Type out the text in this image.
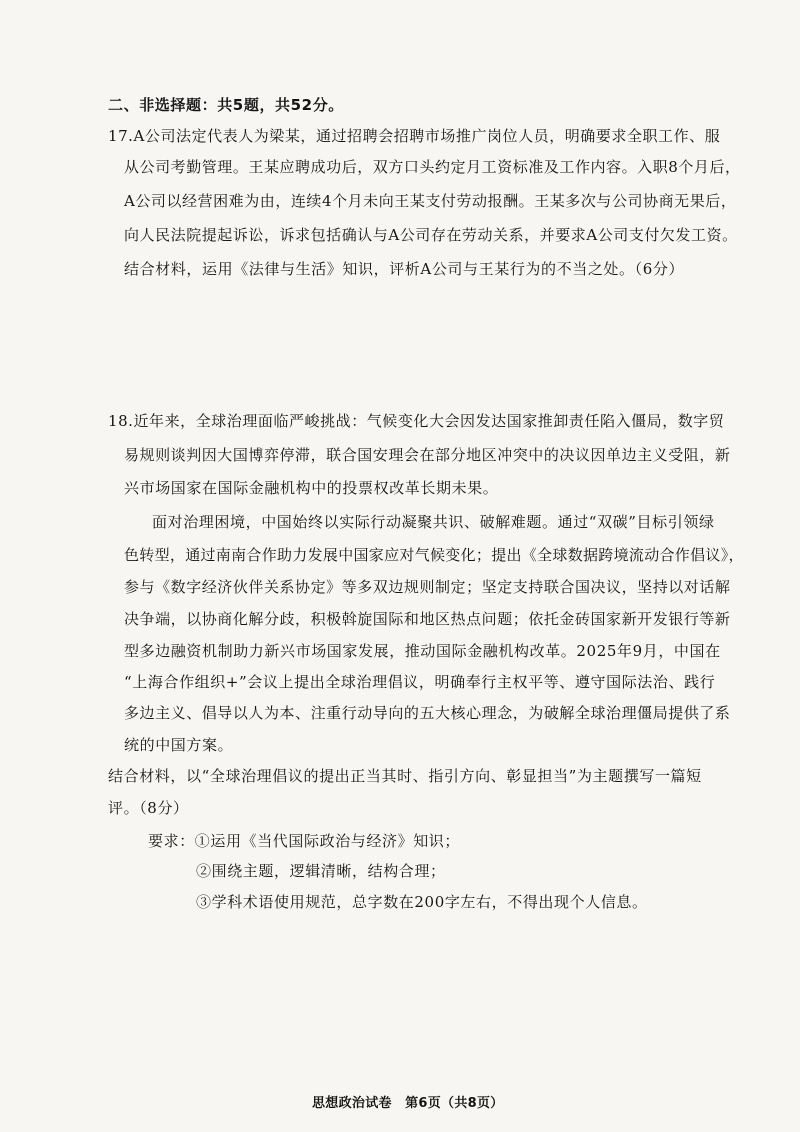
二、非选择题：共5题，共52分。

17.A公司法定代表人为梁某，通过招聘会招聘市场推广岗位人员，明确要求全职工作、服

从公司考勤管理。王某应聘成功后，双方口头约定月工资标准及工作内容。入职8个月后，

A公司以经营困难为由，连续4个月未向王某支付劳动报酬。王某多次与公司协商无果后，

向人民法院提起诉讼，诉求包括确认与A公司存在劳动关系，并要求A公司支付欠发工资。

结合材料，运用《法律与生活》知识，评析A公司与王某行为的不当之处。（6分）

18.近年来，全球治理面临严峻挑战：气候变化大会因发达国家推卸责任陷入僵局，数字贸

易规则谈判因大国博弈停滞，联合国安理会在部分地区冲突中的决议因单边主义受阻，新

兴市场国家在国际金融机构中的投票权改革长期未果。

面对治理困境，中国始终以实际行动凝聚共识、破解难题。通过“双碳”目标引领绿

色转型，通过南南合作助力发展中国家应对气候变化；提出《全球数据跨境流动合作倡议》，

参与《数字经济伙伴关系协定》等多双边规则制定；坚定支持联合国决议，坚持以对话解

决争端，以协商化解分歧，积极斡旋国际和地区热点问题；依托金砖国家新开发银行等新

型多边融资机制助力新兴市场国家发展，推动国际金融机构改革。2025年9月，中国在

“上海合作组织+”会议上提出全球治理倡议，明确奉行主权平等、遵守国际法治、践行

多边主义、倡导以人为本、注重行动导向的五大核心理念，为破解全球治理僵局提供了系

统的中国方案。

结合材料，以“全球治理倡议的提出正当其时、指引方向、彰显担当”为主题撰写一篇短

评。（8分）

要求：①运用《当代国际政治与经济》知识；

②围绕主题，逻辑清晰，结构合理；

③学科术语使用规范，总字数在200字左右，不得出现个人信息。

思想政治试卷　第6页（共8页）
